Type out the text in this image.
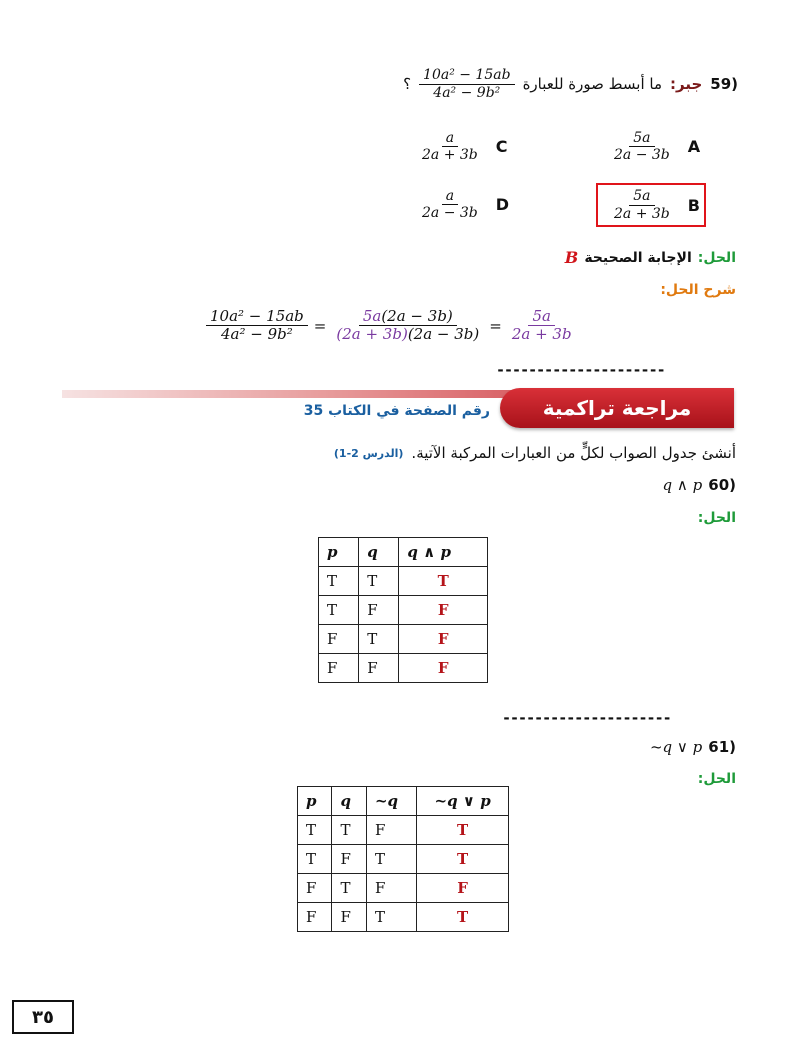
59)
جبر:
ما أبسط صورة للعبارة
$\frac{\text{10a² − 15ab}}{\text{4a² − 9b²}}$
؟
$\frac{5a}{2a - 3b}$ A
$\frac{5a}{2a + 3b}$ B
$\frac{a}{2a + 3b}$ C
$\frac{a}{2a - 3b}$ D
الحل:
الإجابة الصحيحة
B
شرح الحل:
$\frac{\text{10a² − 15ab}}{\text{4a² − 9b²}} = \frac{5a(2a - 3b)}{(2a + 3b)(2a - 3b)} = \frac{5a}{2a + 3b}$
---------------------
مراجعة تراكمية
رقم الصفحة في الكتاب 35
أنشئ جدول الصواب لكلٍّ من العبارات المركبة الآتية.
(الدرس 2-1)
q ∧ p 60)
الحل:
p	q	q ∧ p
T	T	T
T	F	F
F	T	F
F	F	F
---------------------
~q ∨ p 61)
الحل:
p	q	~q	~q ∨ p
T	T	F	T
T	F	T	T
F	T	F	F
F	F	T	T
٣٥
